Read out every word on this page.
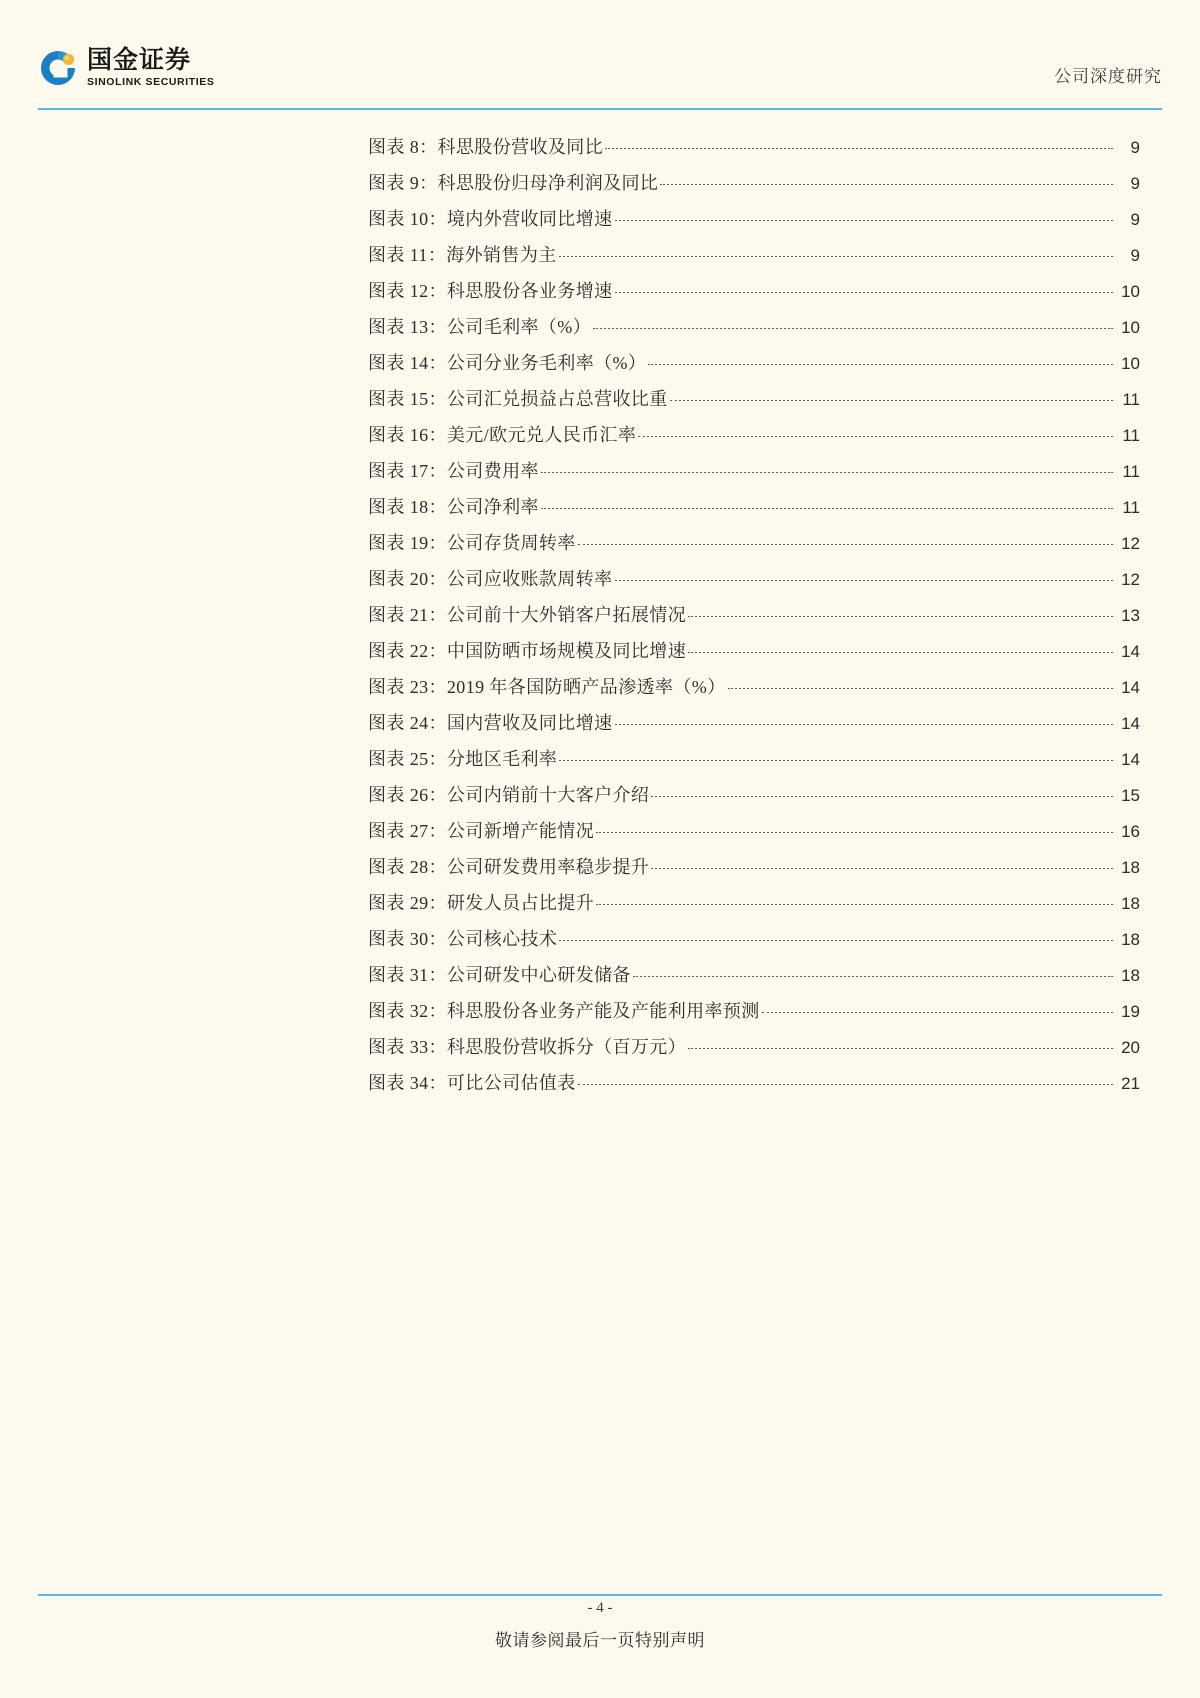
国金证券
SINOLINK SECURITIES	公司深度研究
图表 8：科思股份营收及同比	9
图表 9：科思股份归母净利润及同比	9
图表 10：境内外营收同比增速	9
图表 11：海外销售为主	9
图表 12：科思股份各业务增速	10
图表 13：公司毛利率（%）	10
图表 14：公司分业务毛利率（%）	10
图表 15：公司汇兑损益占总营收比重	11
图表 16：美元/欧元兑人民币汇率	11
图表 17：公司费用率	11
图表 18：公司净利率	11
图表 19：公司存货周转率	12
图表 20：公司应收账款周转率	12
图表 21：公司前十大外销客户拓展情况	13
图表 22：中国防晒市场规模及同比增速	14
图表 23：2019 年各国防晒产品渗透率（%）	14
图表 24：国内营收及同比增速	14
图表 25：分地区毛利率	14
图表 26：公司内销前十大客户介绍	15
图表 27：公司新增产能情况	16
图表 28：公司研发费用率稳步提升	18
图表 29：研发人员占比提升	18
图表 30：公司核心技术	18
图表 31：公司研发中心研发储备	18
图表 32：科思股份各业务产能及产能利用率预测	19
图表 33：科思股份营收拆分（百万元）	20
图表 34：可比公司估值表	21
- 4 -
敬请参阅最后一页特别声明
